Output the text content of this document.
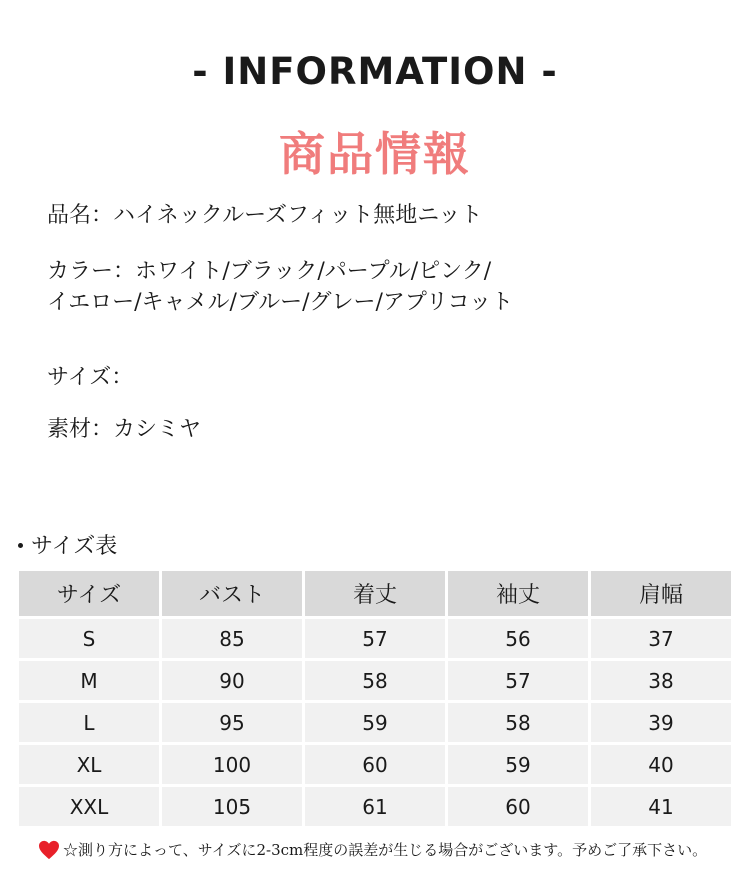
- INFORMATION -
商品情報
品名：ハイネックルーズフィット無地ニット
カラー：ホワイト/ブラック/パープル/ピンク/
イエロー/キャメル/ブルー/グレー/アプリコット
サイズ：
素材：カシミヤ
サイズ表
サイズ	バスト	着丈	袖丈	肩幅
S	85	57	56	37
M	90	58	57	38
L	95	59	58	39
XL	100	60	59	40
XXL	105	61	60	41
☆測り方によって、サイズに2-3cm程度の誤差が生じる場合がございます。予めご了承下さい。
